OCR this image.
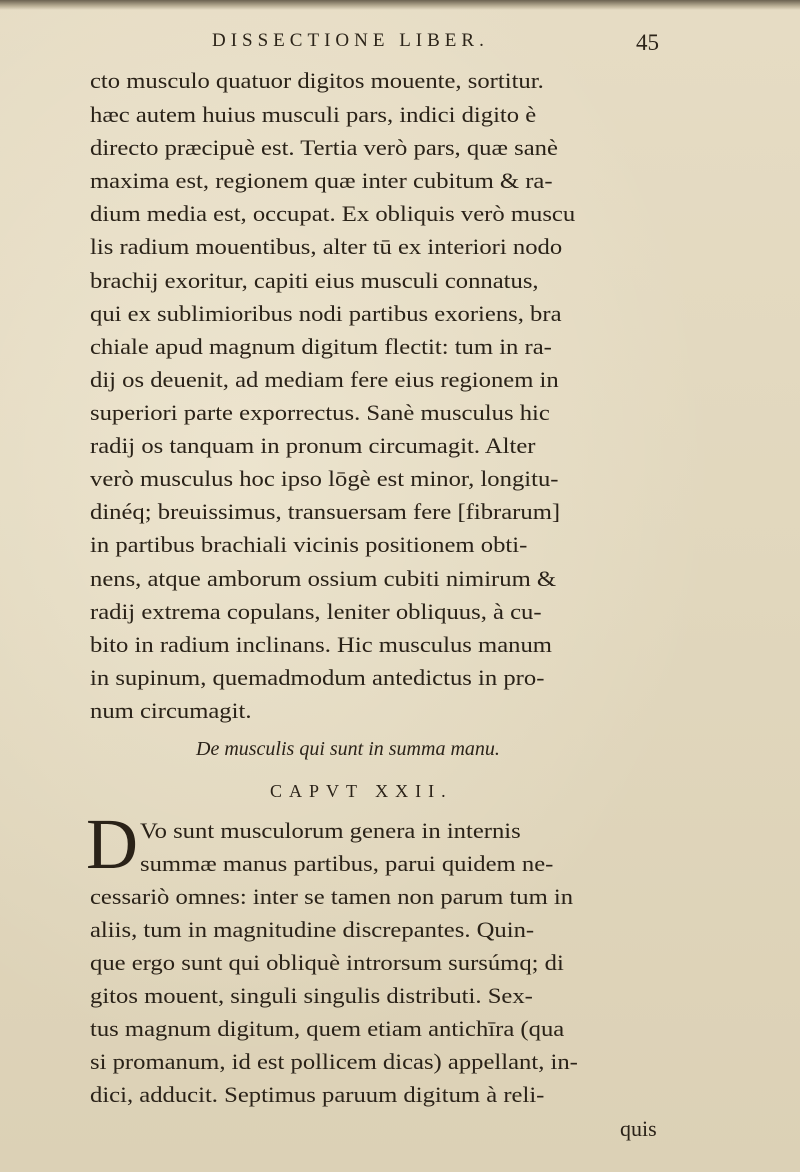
DISSECTIONE LIBER.	45
cto musculo quatuor digitos mouente, sortitur.
hæc autem huius musculi pars, indici digito è
directo præcipuè est. Tertia verò pars, quæ sanè
maxima est, regionem quæ inter cubitum & ra-
dium media est, occupat. Ex obliquis verò muscu
lis radium mouentibus, alter tū ex interiori nodo
brachij exoritur, capiti eius musculi connatus,
qui ex sublimioribus nodi partibus exoriens, bra
chiale apud magnum digitum flectit: tum in ra-
dij os deuenit, ad mediam fere eius regionem in
superiori parte exporrectus. Sanè musculus hic
radij os tanquam in pronum circumagit. Alter
verò musculus hoc ipso lōgè est minor, longitu-
dinéq; breuissimus, transuersam fere [fibrarum]
in partibus brachiali vicinis positionem obti-
nens, atque amborum ossium cubiti nimirum &
radij extrema copulans, leniter obliquus, à cu-
bito in radium inclinans. Hic musculus manum
in supinum, quemadmodum antedictus in pro-
num circumagit.
De musculis qui sunt in summa manu.
CAPVT XXII.
D Vo sunt musculorum genera in internis
summæ manus partibus, parui quidem ne-
cessariò omnes: inter se tamen non parum tum in
aliis, tum in magnitudine discrepantes. Quin-
que ergo sunt qui obliquè introrsum sursúmq; di
gitos mouent, singuli singulis distributi. Sex-
tus magnum digitum, quem etiam antichīra (qua
si promanum, id est pollicem dicas) appellant, in-
dici, adducit. Septimus paruum digitum à reli-
quis
